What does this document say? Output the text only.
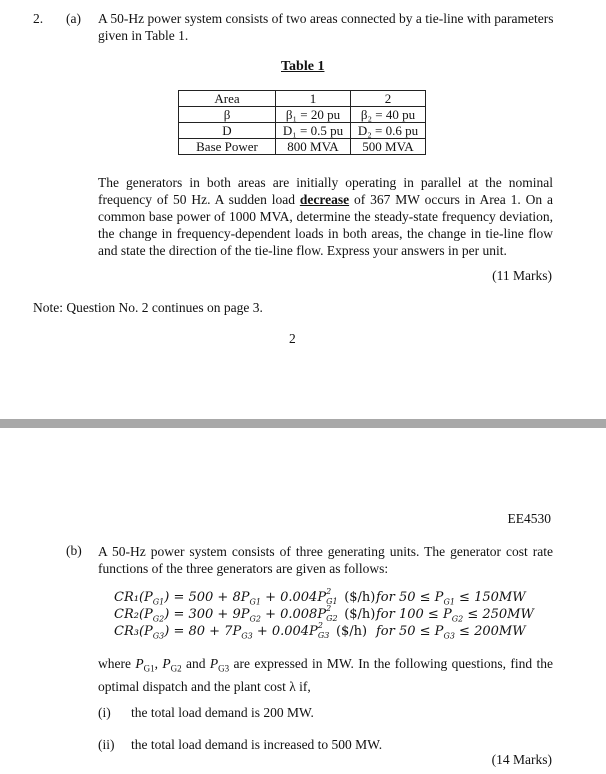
2. (a) A 50-Hz power system consists of two areas connected by a tie-line with parameters
given in Table 1.
Table 1
Area	1	2
β	β₁ = 20 pu	β₂ = 40 pu
D	D₁ = 0.5 pu	D₂ = 0.6 pu
Base Power	800 MVA	500 MVA
The generators in both areas are initially operating in parallel at the nominal frequency of 50 Hz. A sudden load decrease of 367 MW occurs in Area 1. On a common base power of 1000 MVA, determine the steady-state frequency deviation, the change in frequency-dependent loads in both areas, the change in tie-line flow and state the direction of the tie-line flow. Express your answers in per unit.
(11 Marks)
Note: Question No. 2 continues on page 3.
2
EE4530
(b) A 50-Hz power system consists of three generating units. The generator cost rate functions of the three generators are given as follows:
$CR_1(P_{G1}) = 500 + 8P_{G1} + 0.004P$ 2
G1 ($/h) for $50 \le P_{G1} \le 150MW$
$CR_2(P_{G2}) = 300 + 9P_{G2} + 0.008P$ 2
G2 ($/h) for $100 \le P_{G2} \le 250MW$
$CR_3(P_{G3}) = 80 + 7P_{G3} + 0.004P$ 2
G3 ($/h) for $50 \le P_{G3} \le 200MW$
where $P_{G1}$, $P_{G2}$ and $P_{G3}$ are expressed in MW. In the following questions, find the optimal dispatch and the plant cost λ if,
(i) the total load demand is 200 MW.
(ii) the total load demand is increased to 500 MW.
(14 Marks)
